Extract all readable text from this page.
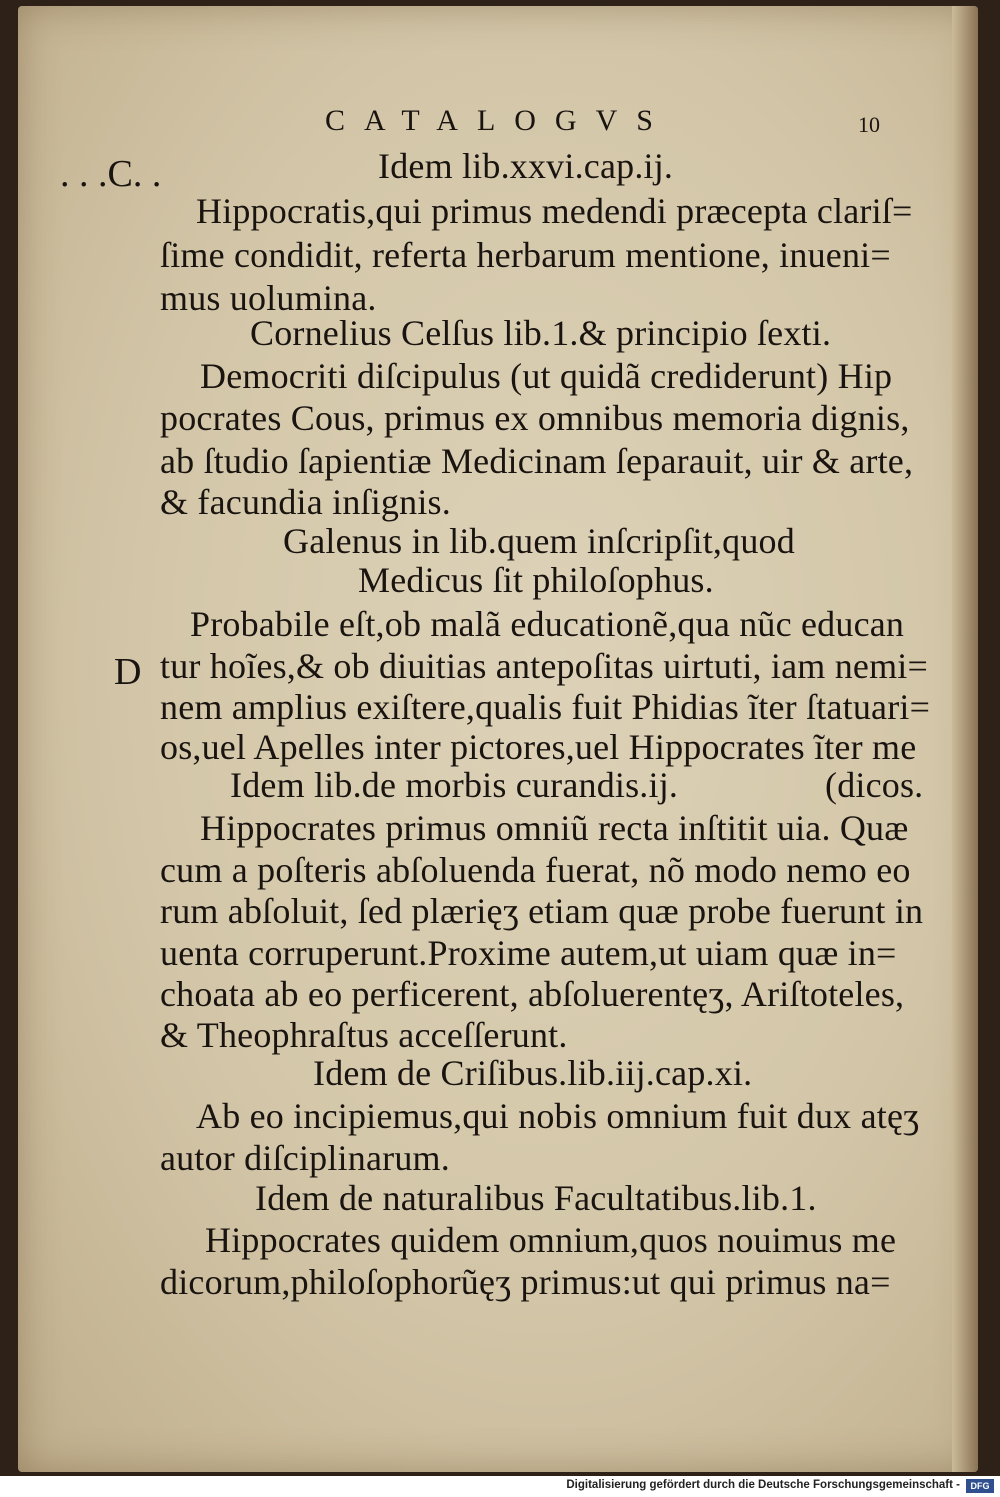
CATALOGVS	10
. . .C. .
D
Idem lib.xxvi.cap.ij.
Hippocratis,qui primus medendi præcepta clariſ=
ſime condidit, referta herbarum mentione, inueni=
mus uolumina.
Cornelius Celſus lib.1.& principio ſexti.
Democriti diſcipulus (ut quidã crediderunt) Hip
pocrates Cous, primus ex omnibus memoria dignis,
ab ſtudio ſapientiæ Medicinam ſeparauit, uir & arte,
& facundia inſignis.
Galenus in lib.quem inſcripſit,quod
Medicus ſit philoſophus.
Probabile eſt,ob malã educationẽ,qua nũc educan
tur hoĩes,& ob diuitias antepoſitas uirtuti, iam nemi=
nem amplius exiſtere,qualis fuit Phidias ĩter ſtatuari=
os,uel Apelles inter pictores,uel Hippocrates ĩter me
Idem lib.de morbis curandis.ij.	(dicos.
Hippocrates primus omniũ recta inſtitit uia. Quæ
cum a poſteris abſoluenda fuerat, nõ modo nemo eo
rum abſoluit, ſed plærięʒ etiam quæ probe fuerunt in
uenta corruperunt.Proxime autem,ut uiam quæ in=
choata ab eo perficerent, abſoluerentęʒ, Ariſtoteles,
& Theophraſtus acceſſerunt.
Idem de Criſibus.lib.iij.cap.xi.
Ab eo incipiemus,qui nobis omnium fuit dux atęʒ
autor diſciplinarum.
Idem de naturalibus Facultatibus.lib.1.
Hippocrates quidem omnium,quos nouimus me
dicorum,philoſophorũęʒ primus:ut qui primus na=
Digitalisierung gefördert durch die Deutsche Forschungsgemeinschaft -	DFG
